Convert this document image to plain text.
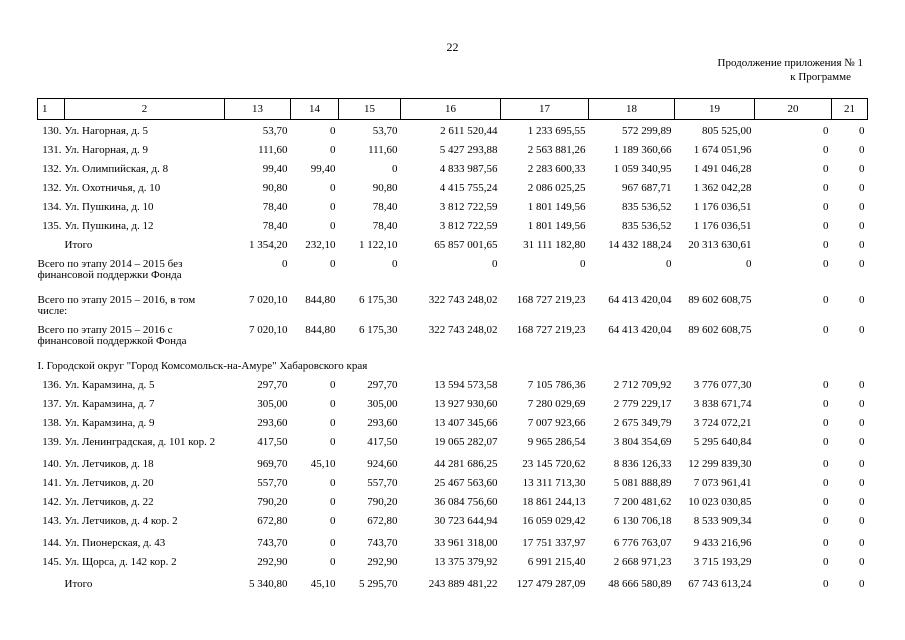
22
Продолжение приложения № 1
к Программе
1	2	13	14	15	16	17	18	19	20	21

130.	Ул. Нагорная, д. 5	53,70	0	53,70	2 611 520,44	1 233 695,55	572 299,89	805 525,00	0	0
131.	Ул. Нагорная, д. 9	111,60	0	111,60	5 427 293,88	2 563 881,26	1 189 360,66	1 674 051,96	0	0
132.	Ул. Олимпийская, д. 8	99,40	99,40	0	4 833 987,56	2 283 600,33	1 059 340,95	1 491 046,28	0	0
132.	Ул. Охотничья, д. 10	90,80	0	90,80	4 415 755,24	2 086 025,25	967 687,71	1 362 042,28	0	0
134.	Ул. Пушкина, д. 10	78,40	0	78,40	3 812 722,59	1 801 149,56	835 536,52	1 176 036,51	0	0
135.	Ул. Пушкина, д. 12	78,40	0	78,40	3 812 722,59	1 801 149,56	835 536,52	1 176 036,51	0	0
	Итого	1 354,20	232,10	1 122,10	65 857 001,65	31 111 182,80	14 432 188,24	20 313 630,61	0	0
Всего по этапу 2014 – 2015 без финансовой поддержки Фонда		0	0	0	0	0	0	0	0	0
Всего по этапу 2015 – 2016, в том числе:		7 020,10	844,80	6 175,30	322 743 248,02	168 727 219,23	64 413 420,04	89 602 608,75	0	0
Всего по этапу 2015 – 2016 с финансовой поддержкой Фонда		7 020,10	844,80	6 175,30	322 743 248,02	168 727 219,23	64 413 420,04	89 602 608,75	0	0
I. Городской округ "Город Комсомольск-на-Амуре" Хабаровского края										
136.	Ул. Карамзина, д. 5	297,70	0	297,70	13 594 573,58	7 105 786,36	2 712 709,92	3 776 077,30	0	0
137.	Ул. Карамзина, д. 7	305,00	0	305,00	13 927 930,60	7 280 029,69	2 779 229,17	3 838 671,74	0	0
138.	Ул. Карамзина, д. 9	293,60	0	293,60	13 407 345,66	7 007 923,66	2 675 349,79	3 724 072,21	0	0
139.	Ул. Ленинградская, д. 101 кор. 2	417,50	0	417,50	19 065 282,07	9 965 286,54	3 804 354,69	5 295 640,84	0	0
140.	Ул. Летчиков, д. 18	969,70	45,10	924,60	44 281 686,25	23 145 720,62	8 836 126,33	12 299 839,30	0	0
141.	Ул. Летчиков, д. 20	557,70	0	557,70	25 467 563,60	13 311 713,30	5 081 888,89	7 073 961,41	0	0
142.	Ул. Летчиков, д. 22	790,20	0	790,20	36 084 756,60	18 861 244,13	7 200 481,62	10 023 030,85	0	0
143.	Ул. Летчиков, д. 4 кор. 2	672,80	0	672,80	30 723 644,94	16 059 029,42	6 130 706,18	8 533 909,34	0	0
144.	Ул. Пионерская, д. 43	743,70	0	743,70	33 961 318,00	17 751 337,97	6 776 763,07	9 433 216,96	0	0
145.	Ул. Щорса, д. 142 кор. 2	292,90	0	292,90	13 375 379,92	6 991 215,40	2 668 971,23	3 715 193,29	0	0
	Итого	5 340,80	45,10	5 295,70	243 889 481,22	127 479 287,09	48 666 580,89	67 743 613,24	0	0
